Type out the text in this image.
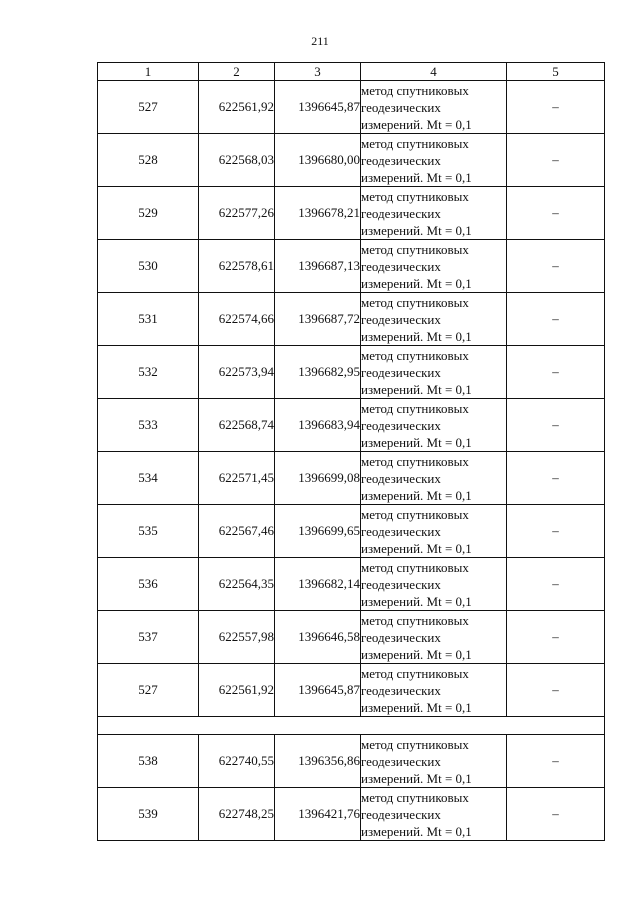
211
1	2	3	4	5
527	622561,92	1396645,87	метод спутниковых
геодезических
измерений. Mt = 0,1	–
528	622568,03	1396680,00	метод спутниковых
геодезических
измерений. Mt = 0,1	–
529	622577,26	1396678,21	метод спутниковых
геодезических
измерений. Mt = 0,1	–
530	622578,61	1396687,13	метод спутниковых
геодезических
измерений. Mt = 0,1	–
531	622574,66	1396687,72	метод спутниковых
геодезических
измерений. Mt = 0,1	–
532	622573,94	1396682,95	метод спутниковых
геодезических
измерений. Mt = 0,1	–
533	622568,74	1396683,94	метод спутниковых
геодезических
измерений. Mt = 0,1	–
534	622571,45	1396699,08	метод спутниковых
геодезических
измерений. Mt = 0,1	–
535	622567,46	1396699,65	метод спутниковых
геодезических
измерений. Mt = 0,1	–
536	622564,35	1396682,14	метод спутниковых
геодезических
измерений. Mt = 0,1	–
537	622557,98	1396646,58	метод спутниковых
геодезических
измерений. Mt = 0,1	–
527	622561,92	1396645,87	метод спутниковых
геодезических
измерений. Mt = 0,1	–

538	622740,55	1396356,86	метод спутниковых
геодезических
измерений. Mt = 0,1	–
539	622748,25	1396421,76	метод спутниковых
геодезических
измерений. Mt = 0,1	–
